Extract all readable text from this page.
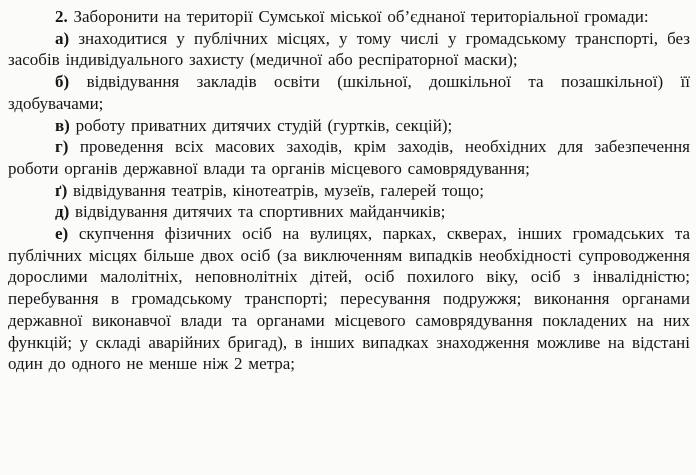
2. Заборонити на території Сумської міської об’єднаної територіальної громади:

а) знаходитися у публічних місцях, у тому числі у громадському транспорті, без засобів індивідуального захисту (медичної або респіраторної маски);

б) відвідування закладів освіти (шкільної, дошкільної та позашкільної) її здобувачами;

в) роботу приватних дитячих студій (гуртків, секцій);

г) проведення всіх масових заходів, крім заходів, необхідних для забезпечення роботи органів державної влади та органів місцевого самоврядування;

ґ) відвідування театрів, кінотеатрів, музеїв, галерей тощо;

д) відвідування дитячих та спортивних майданчиків;

е) скупчення фізичних осіб на вулицях, парках, скверах, інших громадських та публічних місцях більше двох осіб (за виключенням випадків необхідності супроводження дорослими малолітніх, неповнолітніх дітей, осіб похилого віку, осіб з інвалідністю; перебування в громадському транспорті; пересування подружжя; виконання органами державної виконавчої влади та органами місцевого самоврядування покладених на них функцій; у складі аварійних бригад), в інших випадках знаходження можливе на відстані один до одного не менше ніж 2 метра;
